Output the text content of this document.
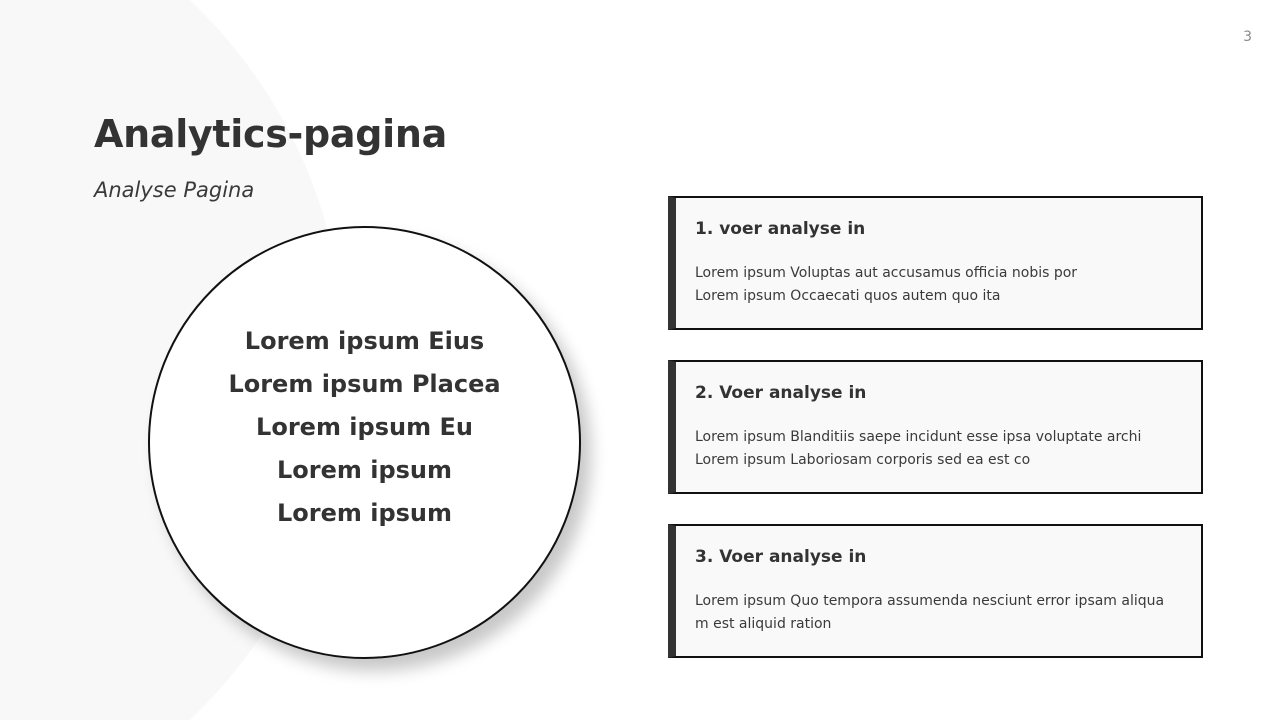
3
Analytics-pagina
Analyse Pagina
Lorem ipsum Eius
Lorem ipsum Placea
Lorem ipsum Eu
Lorem ipsum
Lorem ipsum
1. voer analyse in
Lorem ipsum Voluptas aut accusamus officia nobis por
Lorem ipsum Occaecati quos autem quo ita
2. Voer analyse in
Lorem ipsum Blanditiis saepe incidunt esse ipsa voluptate archi
Lorem ipsum Laboriosam corporis sed ea est co
3. Voer analyse in
Lorem ipsum Quo tempora assumenda nesciunt error ipsam aliqua
m est aliquid ration
